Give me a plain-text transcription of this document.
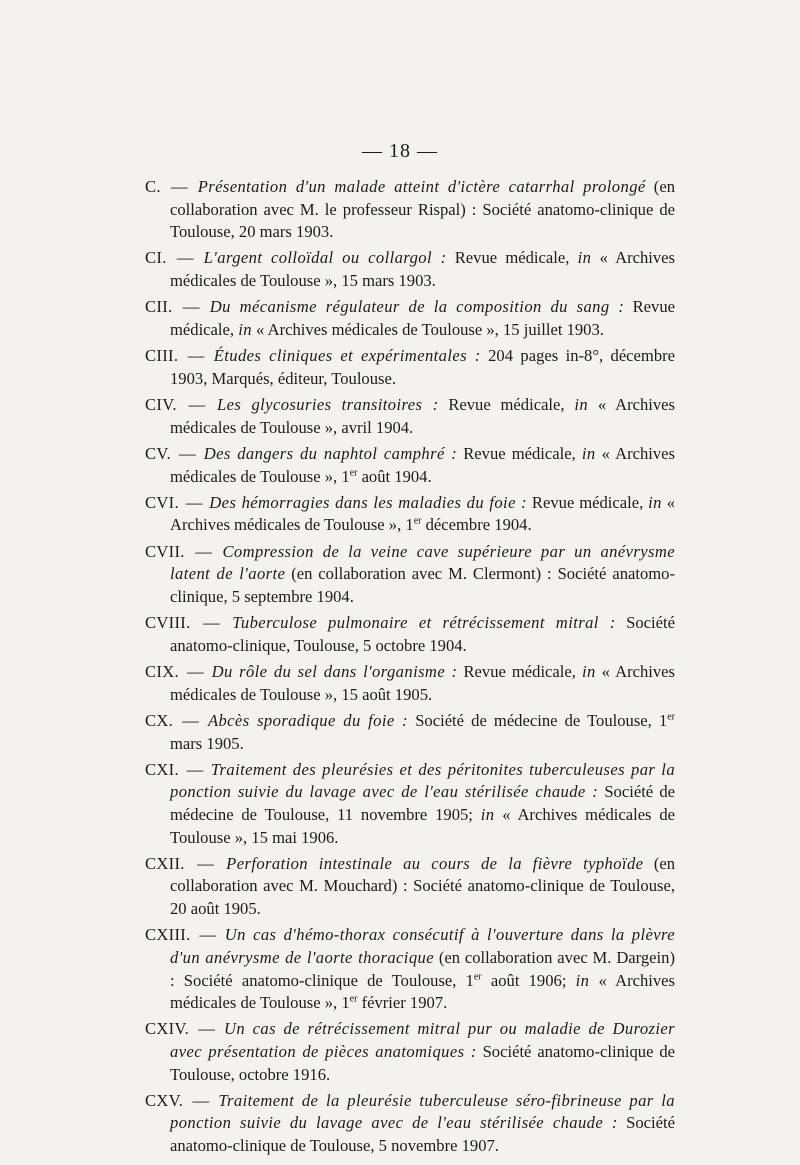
— 18 —

C. — Présentation d'un malade atteint d'ictère catarrhal prolongé (en collaboration avec M. le professeur Rispal) : Société anatomo-clinique de Toulouse, 20 mars 1903.

CI. — L'argent colloïdal ou collargol : Revue médicale, in « Archives médicales de Toulouse », 15 mars 1903.

CII. — Du mécanisme régulateur de la composition du sang : Revue médicale, in « Archives médicales de Toulouse », 15 juillet 1903.

CIII. — Études cliniques et expérimentales : 204 pages in-8°, décembre 1903, Marqués, éditeur, Toulouse.

CIV. — Les glycosuries transitoires : Revue médicale, in « Archives médicales de Toulouse », avril 1904.

CV. — Des dangers du naphtol camphré : Revue médicale, in « Archives médicales de Toulouse », 1er août 1904.

CVI. — Des hémorragies dans les maladies du foie : Revue médicale, in « Archives médicales de Toulouse », 1er décembre 1904.

CVII. — Compression de la veine cave supérieure par un anévrysme latent de l'aorte (en collaboration avec M. Clermont) : Société anatomo-clinique, 5 septembre 1904.

CVIII. — Tuberculose pulmonaire et rétrécissement mitral : Société anatomo-clinique, Toulouse, 5 octobre 1904.

CIX. — Du rôle du sel dans l'organisme : Revue médicale, in « Archives médicales de Toulouse », 15 août 1905.

CX. — Abcès sporadique du foie : Société de médecine de Toulouse, 1er mars 1905.

CXI. — Traitement des pleurésies et des péritonites tuberculeuses par la ponction suivie du lavage avec de l'eau stérilisée chaude : Société de médecine de Toulouse, 11 novembre 1905; in « Archives médicales de Toulouse », 15 mai 1906.

CXII. — Perforation intestinale au cours de la fièvre typhoïde (en collaboration avec M. Mouchard) : Société anatomo-clinique de Toulouse, 20 août 1905.

CXIII. — Un cas d'hémo-thorax consécutif à l'ouverture dans la plèvre d'un anévrysme de l'aorte thoracique (en collaboration avec M. Dargein) : Société anatomo-clinique de Toulouse, 1er août 1906; in « Archives médicales de Toulouse », 1er février 1907.

CXIV. — Un cas de rétrécissement mitral pur ou maladie de Durozier avec présentation de pièces anatomiques : Société anatomo-clinique de Toulouse, octobre 1916.

CXV. — Traitement de la pleurésie tuberculeuse séro-fibrineuse par la ponction suivie du lavage avec de l'eau stérilisée chaude : Société anatomo-clinique de Toulouse, 5 novembre 1907.
